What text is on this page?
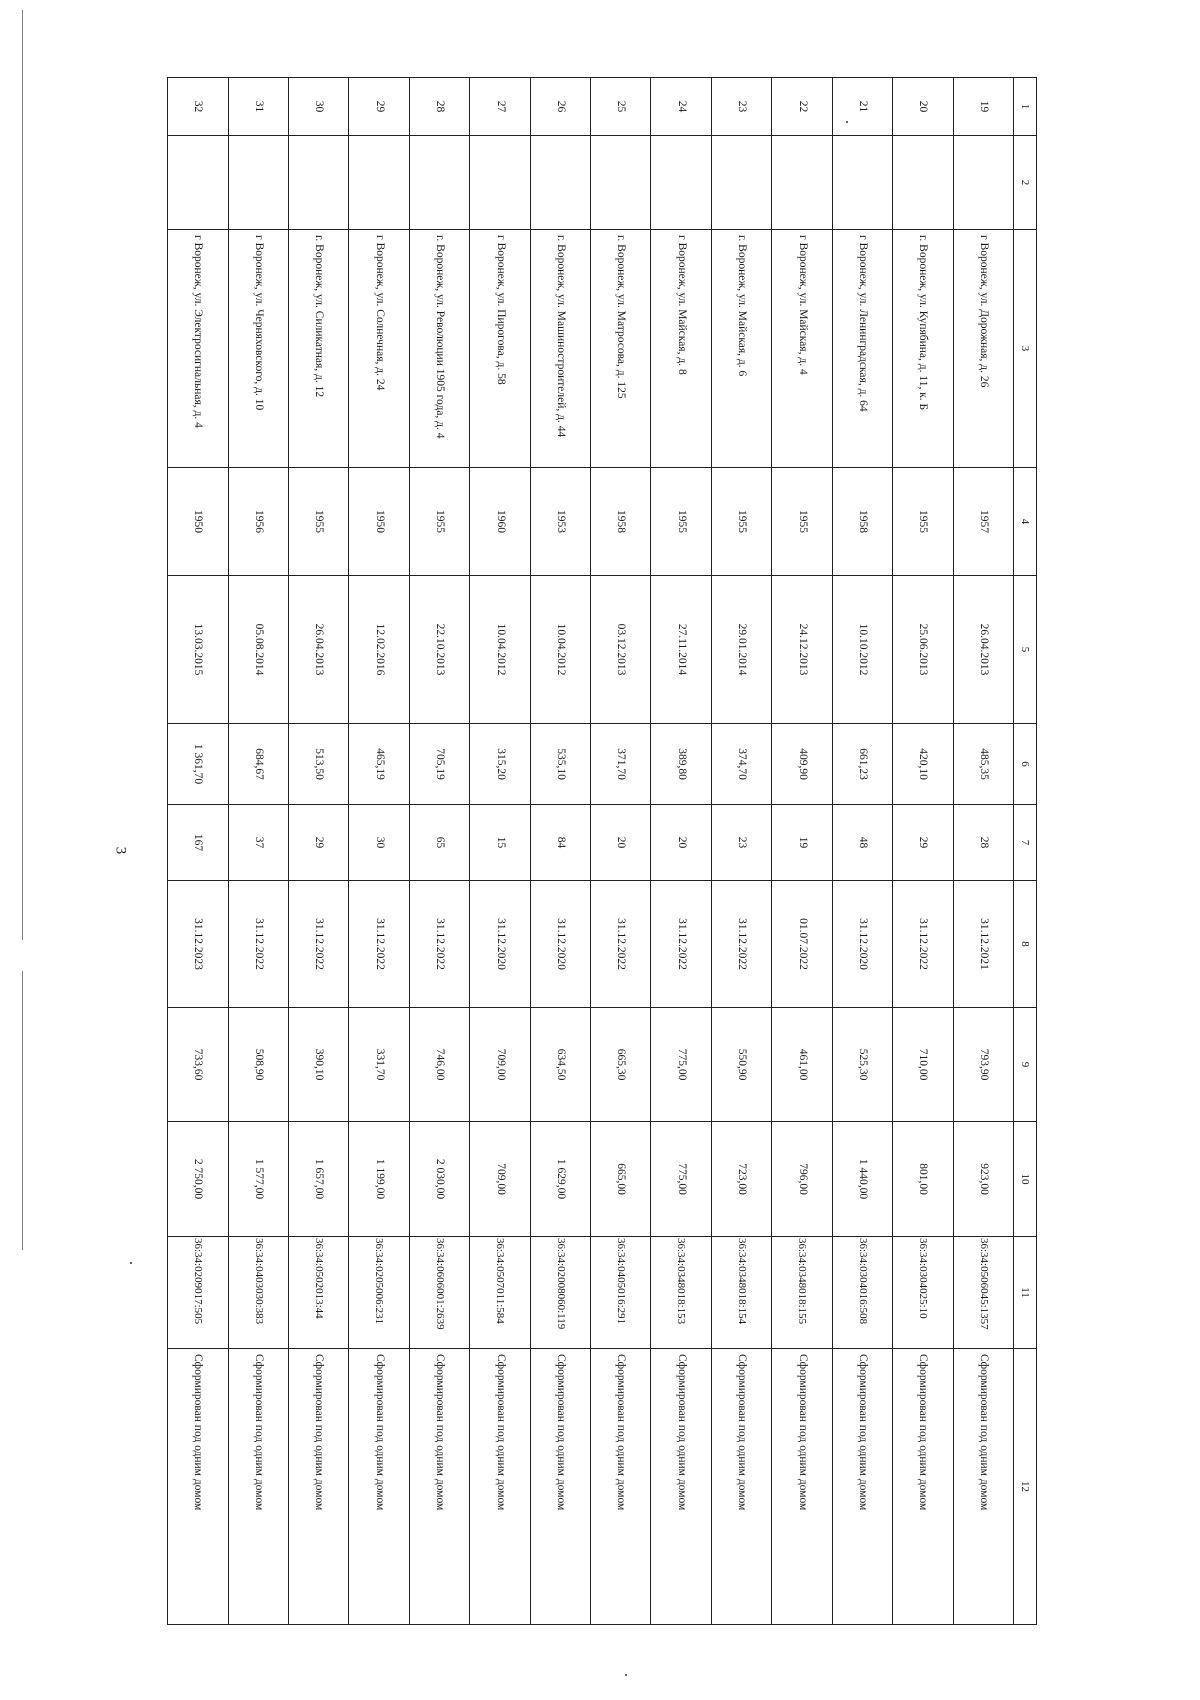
3
1	2	3	4	5	6	7	8	9	10	11	12
19		г Воронеж, ул. Дорожная, д. 26	1957	26.04.2013	485,35	28	31.12.2021	793,90	923,00	36:34:0506045:1357	Сформирован под одним домом
20		г. Воронеж, ул. Купябина, д. 11, к. Б	1955	25.06.2013	420,10	29	31.12.2022	710,00	801,00	36:34:0304025:10	Сформирован под одним домом
21		г Воронеж, ул. Ленинградская, д. 64	1958	10.10.2012	661,23	48	31.12.2020	525,30	1 440,00	36:34:0304016:508	Сформирован под одним домом
22		г Воронеж, ул. Майская, д. 4	1955	24.12.2013	409,90	19	01.07.2022	461,00	796,00	36:34:0348018:155	Сформирован под одним домом
23		г. Воронеж, ул. Майская, д. 6	1955	29.01.2014	374,70	23	31.12.2022	550,90	723,00	36:34:0348018:154	Сформирован под одним домом
24		г Воронеж, ул. Майская, д. 8	1955	27.11.2014	389,80	20	31.12.2022	775,00	775,00	36:34:0348018:153	Сформирован под одним домом
25		г. Воронеж, ул. Матросова, д. 125	1958	03.12.2013	371,70	20	31.12.2022	665,30	665,00	36:34:0405016:291	Сформирован под одним домом
26		г. Воронеж, ул. Машиностроителей, д. 44	1953	10.04.2012	535,10	84	31.12.2020	634,50	1 629,00	36:34:02008060:119	Сформирован под одним домом
27		г Воронеж, ул. Пирогова, д. 58	1960	10.04.2012	315,20	15	31.12.2020	709,00	709,00	36:34:0507011:584	Сформирован под одним домом
28		г. Воронеж, ул. Революции 1905 года, д. 4	1955	22.10.2013	705,19	65	31.12.2022	746,00	2 030,00	36:34:0606001:2639	Сформирован под одним домом
29		г Воронеж, ул. Солнечная, д. 24	1950	12.02.2016	465,19	30	31.12.2022	331,70	1 199,00	36:34:0205006:231	Сформирован под одним домом
30		г. Воронеж, ул. Силикатная, д. 12	1955	26.04.2013	513,50	29	31.12.2022	390,10	1 657,00	36:34:0502013:44	Сформирован под одним домом
31		г Воронеж, ул. Черняховского, д. 10	1956	05.08.2014	684,67	37	31.12.2022	508,90	1 577,00	36:34:0403030:383	Сформирован под одним домом
32		г Воронеж, ул. Электросигнальная, д. 4	1950	13.03.2015	1 361,70	167	31.12.2023	733,60	2 750,00	36:34:0209017:505	Сформирован под одним домом
